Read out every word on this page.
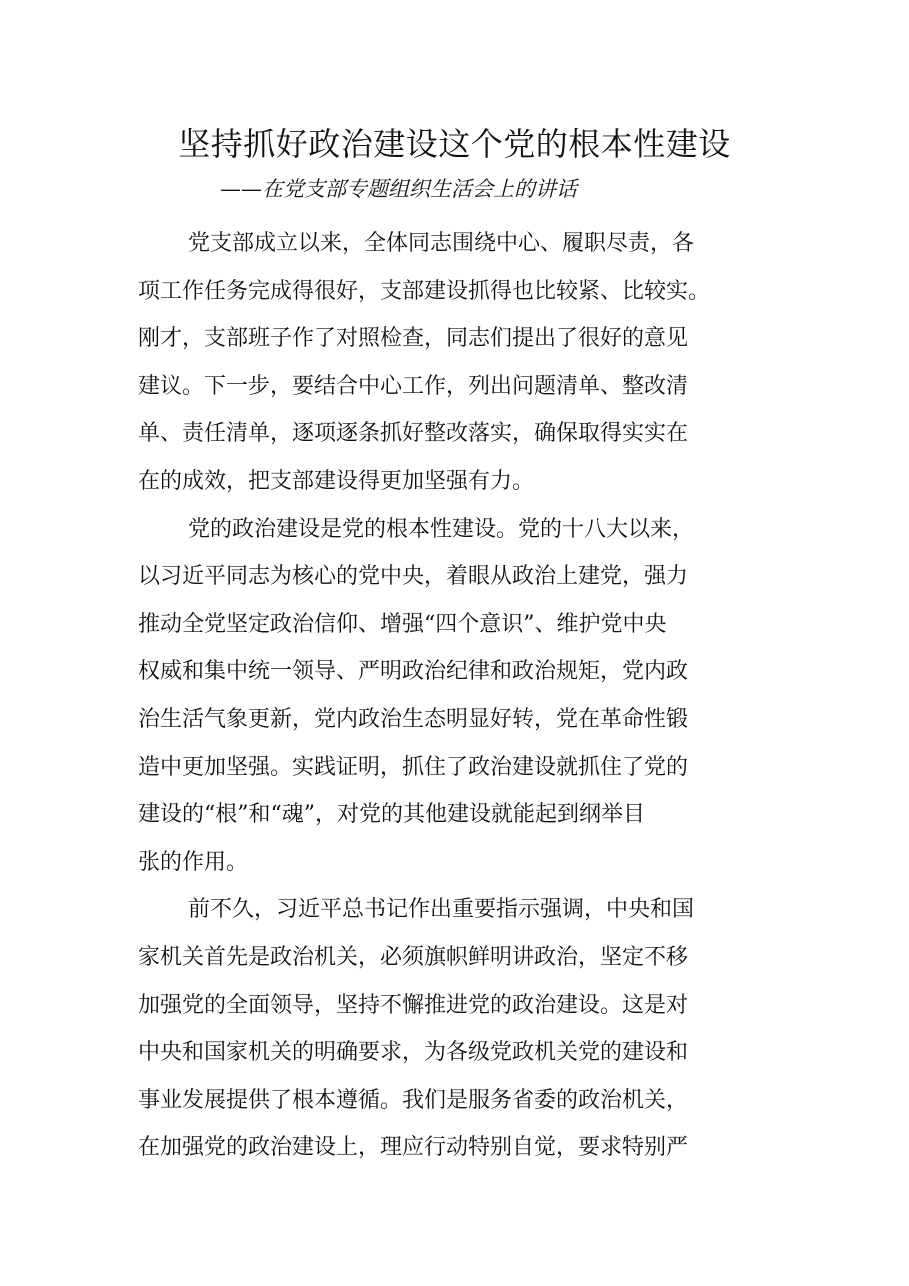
坚持抓好政治建设这个党的根本性建设
——在党支部专题组织生活会上的讲话
党支部成立以来，全体同志围绕中心、履职尽责，各
项工作任务完成得很好，支部建设抓得也比较紧、比较实。
刚才，支部班子作了对照检查，同志们提出了很好的意见
建议。下一步，要结合中心工作，列出问题清单、整改清
单、责任清单，逐项逐条抓好整改落实，确保取得实实在
在的成效，把支部建设得更加坚强有力。
党的政治建设是党的根本性建设。党的十八大以来，
以习近平同志为核心的党中央，着眼从政治上建党，强力
推动全党坚定政治信仰、增强“四个意识”、维护党中央
权威和集中统一领导、严明政治纪律和政治规矩，党内政
治生活气象更新，党内政治生态明显好转，党在革命性锻
造中更加坚强。实践证明，抓住了政治建设就抓住了党的
建设的“根”和“魂”，对党的其他建设就能起到纲举目
张的作用。
前不久，习近平总书记作出重要指示强调，中央和国
家机关首先是政治机关，必须旗帜鲜明讲政治，坚定不移
加强党的全面领导，坚持不懈推进党的政治建设。这是对
中央和国家机关的明确要求，为各级党政机关党的建设和
事业发展提供了根本遵循。我们是服务省委的政治机关，
在加强党的政治建设上，理应行动特别自觉，要求特别严
